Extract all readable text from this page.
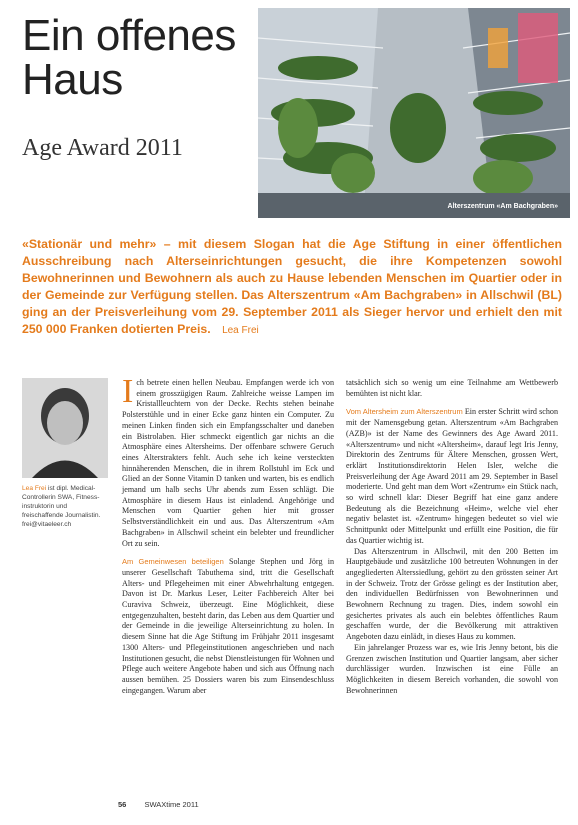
Ein offenes
Haus
Age Award 2011
Alterszentrum «Am Bachgraben»
«Stationär und mehr» – mit diesem Slogan hat die Age Stiftung in einer öffentlichen Ausschreibung nach Alterseinrichtungen gesucht, die ihre Kompetenzen sowohl Bewohnerinnen und Bewohnern als auch zu Hause lebenden Menschen im Quartier oder in der Gemeinde zur Verfügung stellen. Das Alterszentrum «Am Bachgraben» in Allschwil (BL) ging an der Preisverleihung vom 29. September 2011 als Sieger hervor und erhielt den mit 250 000 Franken dotierten Preis. Lea Frei
Lea Frei ist dipl. Medical-Controllerin SWA, Fitness-instruktorin und freischaffende Journalistin. frei@vitaeleer.ch

Ich betrete einen hellen Neubau. Empfangen werde ich von einem grosszügigen Raum. Zahlreiche weisse Lampen im Kristallleuchtern von der Decke. Rechts stehen beinahe Polsterstühle und in einer Ecke ganz hinten ein Computer. Zu meinen Linken finden sich ein Empfangsschalter und daneben ein Bistrolaben. Hier schmeckt eigentlich gar nichts an die Atmosphäre eines Altersheims. Der offenbare schwere Geruch eines Alterstrakters fehlt. Auch sehe ich keine versteckten hinnäherenden Menschen, die in ihrem Rollstuhl im Eck und Glied an der Sonne Vitamin D tanken und warten, bis es endlich jemand um halb sechs Uhr abends zum Essen schlägt. Die Atmosphäre in diesem Haus ist einladend. Angehörige und Menschen vom Quartier gehen hier mit grosser Selbstverständlichkeit ein und aus. Das Alterszentrum «Am Bachgraben» in Allschwil scheint ein belebter und freundlicher Ort zu sein.

Am Gemeinwesen beteiligen Solange Stephen und Jörg in unserer Gesellschaft Tabuthema sind, tritt die Gesellschaft Alters- und Pflegeheimen mit einer Abwehrhaltung entgegen. Davon ist Dr. Markus Leser, Leiter Fachbereich Alter bei Curaviva Schweiz, überzeugt. Eine Möglichkeit, diese entgegenzuhalten, besteht darin, das Leben aus dem Quartier und der Gemeinde in die jeweilige Alterseinrichtung zu holen. In diesem Sinne hat die Age Stiftung im Frühjahr 2011 insgesamt 1300 Alters- und Pflegeinstitutionen angeschrieben und nach Institutionen gesucht, die nebst Dienstleistungen für Wohnen und Pflege auch weitere Angebote haben und sich aus Öffnung nach aussen bemühen. 25 Dossiers waren bis zum Einsendeschluss eingegangen. Warum aber

tatsächlich sich so wenig um eine Teilnahme am Wettbewerb bemühten ist nicht klar.

Vom Altersheim zum Alterszentrum Ein erster Schritt wird schon mit der Namensgebung getan. Alterszentrum «Am Bachgraben (AZB)» ist der Name des Gewinners des Age Award 2011. «Alterszentrum» und nicht «Altersheim», darauf legt Iris Jenny, Direktorin des Zentrums für Ältere Menschen, grossen Wert, erklärt Institutionsdirektorin Helen Isler, welche die Preisverleihung der Age Award 2011 am 29. September in Basel moderierte. Und geht man dem Wort «Zentrum» ein Stück nach, so wird schnell klar: Dieser Begriff hat eine ganz andere Bedeutung als die Bezeichnung «Heim», welche viel eher negativ belastet ist. «Zentrum» hingegen bedeutet so viel wie Schnittpunkt oder Mittelpunkt und erfüllt eine Position, die für das Quartier wichtig ist.

Das Alterszentrum in Allschwil, mit den 200 Betten im Hauptgebäude und zusätzliche 100 betreuten Wohnungen in der angegliederten Alterssiedlung, gehört zu den grössten seiner Art in der Schweiz. Trotz der Grösse gelingt es der Institution aber, den individuellen Bedürfnissen von Bewohnerinnen und Bewohnern Rechnung zu tragen. Dies, indem sowohl ein gesichertes privates als auch ein belebtes öffentliches Raum geschaffen wurde, der die Bevölkerung mit attraktiven Angeboten dazu einlädt, in dieses Haus zu kommen.

Ein jahrelanger Prozess war es, wie Iris Jenny betont, bis die Grenzen zwischen Institution und Quartier langsam, aber sicher durchlässiger wurden. Inzwischen ist eine Fülle an Möglichkeiten in diesem Bereich vorhanden, die sowohl von Bewohnerinnen

56 SWAXtime 2011
